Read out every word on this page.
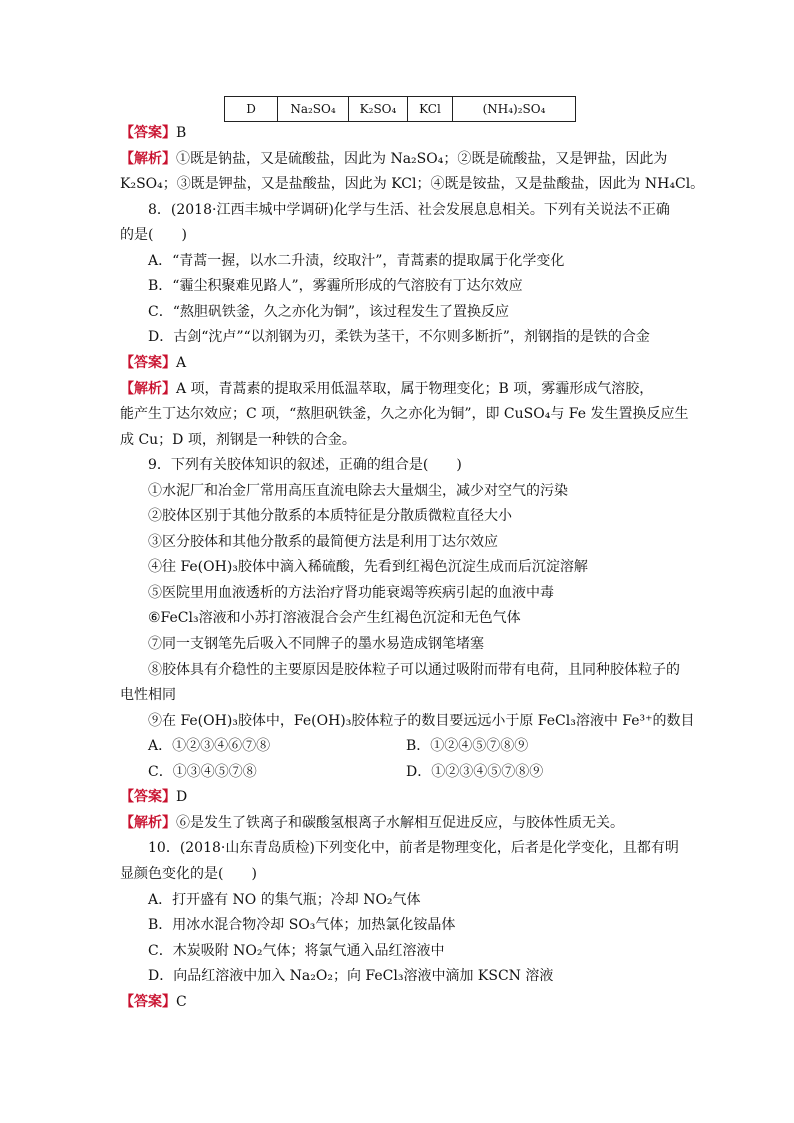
D	Na₂SO₄	K₂SO₄	KCl	(NH₄)₂SO₄
【答案】B
【解析】①既是钠盐，又是硫酸盐，因此为 Na₂SO₄；②既是硫酸盐，又是钾盐，因此为
K₂SO₄；③既是钾盐，又是盐酸盐，因此为 KCl；④既是铵盐，又是盐酸盐，因此为 NH₄Cl。
8．(2018·江西丰城中学调研)化学与生活、社会发展息息相关。下列有关说法不正确
的是(　　)
A．“青蒿一握，以水二升渍，绞取汁”，青蒿素的提取属于化学变化
B．“霾尘积聚难见路人”，雾霾所形成的气溶胶有丁达尔效应
C．“熬胆矾铁釜，久之亦化为铜”，该过程发生了置换反应
D．古剑“沈卢”“以剂钢为刃，柔铁为茎干，不尔则多断折”，剂钢指的是铁的合金
【答案】A
【解析】A 项，青蒿素的提取采用低温萃取，属于物理变化；B 项，雾霾形成气溶胶，
能产生丁达尔效应；C 项，“熬胆矾铁釜，久之亦化为铜”，即 CuSO₄与 Fe 发生置换反应生
成 Cu；D 项，剂钢是一种铁的合金。
9．下列有关胶体知识的叙述，正确的组合是(　　)
①水泥厂和冶金厂常用高压直流电除去大量烟尘，减少对空气的污染
②胶体区别于其他分散系的本质特征是分散质微粒直径大小
③区分胶体和其他分散系的最简便方法是利用丁达尔效应
④往 Fe(OH)₃胶体中滴入稀硫酸，先看到红褐色沉淀生成而后沉淀溶解
⑤医院里用血液透析的方法治疗肾功能衰竭等疾病引起的血液中毒
⑥FeCl₃溶液和小苏打溶液混合会产生红褐色沉淀和无色气体
⑦同一支钢笔先后吸入不同牌子的墨水易造成钢笔堵塞
⑧胶体具有介稳性的主要原因是胶体粒子可以通过吸附而带有电荷，且同种胶体粒子的
电性相同
⑨在 Fe(OH)₃胶体中，Fe(OH)₃胶体粒子的数目要远远小于原 FeCl₃溶液中 Fe³⁺的数目
A．①②③④⑥⑦⑧	B．①②④⑤⑦⑧⑨
C．①③④⑤⑦⑧	D．①②③④⑤⑦⑧⑨
【答案】D
【解析】⑥是发生了铁离子和碳酸氢根离子水解相互促进反应，与胶体性质无关。
10．(2018·山东青岛质检)下列变化中，前者是物理变化，后者是化学变化，且都有明
显颜色变化的是(　　)
A．打开盛有 NO 的集气瓶；冷却 NO₂气体
B．用冰水混合物冷却 SO₃气体；加热氯化铵晶体
C．木炭吸附 NO₂气体；将氯气通入品红溶液中
D．向品红溶液中加入 Na₂O₂；向 FeCl₃溶液中滴加 KSCN 溶液
【答案】C
